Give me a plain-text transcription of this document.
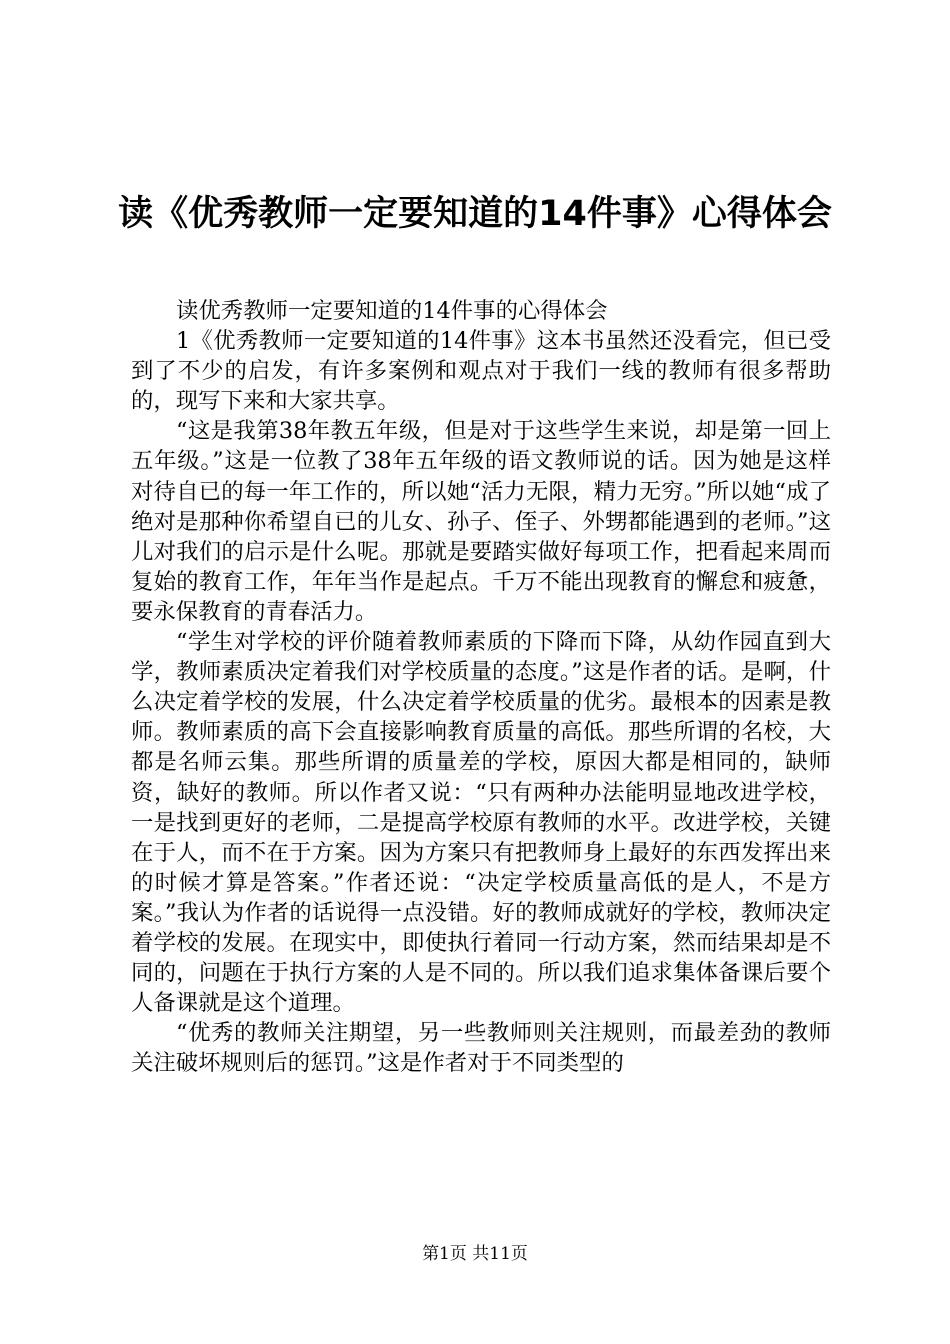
读《优秀教师一定要知道的14件事》心得体会

读优秀教师一定要知道的14件事的心得体会

1《优秀教师一定要知道的14件事》这本书虽然还没看完，但已受到了不少的启发，有许多案例和观点对于我们一线的教师有很多帮助的，现写下来和大家共享。

“这是我第38年教五年级，但是对于这些学生来说，却是第一回上五年级。”这是一位教了38年五年级的语文教师说的话。因为她是这样对待自已的每一年工作的，所以她“活力无限，精力无穷。”所以她“成了绝对是那种你希望自已的儿女、孙子、侄子、外甥都能遇到的老师。”这儿对我们的启示是什么呢。那就是要踏实做好每项工作，把看起来周而复始的教育工作，年年当作是起点。千万不能出现教育的懈怠和疲惫，要永保教育的青春活力。

“学生对学校的评价随着教师素质的下降而下降，从幼作园直到大学，教师素质决定着我们对学校质量的态度。”这是作者的话。是啊，什么决定着学校的发展，什么决定着学校质量的优劣。最根本的因素是教师。教师素质的高下会直接影响教育质量的高低。那些所谓的名校，大都是名师云集。那些所谓的质量差的学校，原因大都是相同的，缺师资，缺好的教师。所以作者又说：“只有两种办法能明显地改进学校，一是找到更好的老师，二是提高学校原有教师的水平。改进学校，关键在于人，而不在于方案。因为方案只有把教师身上最好的东西发挥出来的时候才算是答案。”作者还说：“决定学校质量高低的是人，不是方案。”我认为作者的话说得一点没错。好的教师成就好的学校，教师决定着学校的发展。在现实中，即使执行着同一行动方案，然而结果却是不同的，问题在于执行方案的人是不同的。所以我们追求集体备课后要个人备课就是这个道理。

“优秀的教师关注期望，另一些教师则关注规则，而最差劲的教师关注破坏规则后的惩罚。”这是作者对于不同类型的

第1页 共11页
